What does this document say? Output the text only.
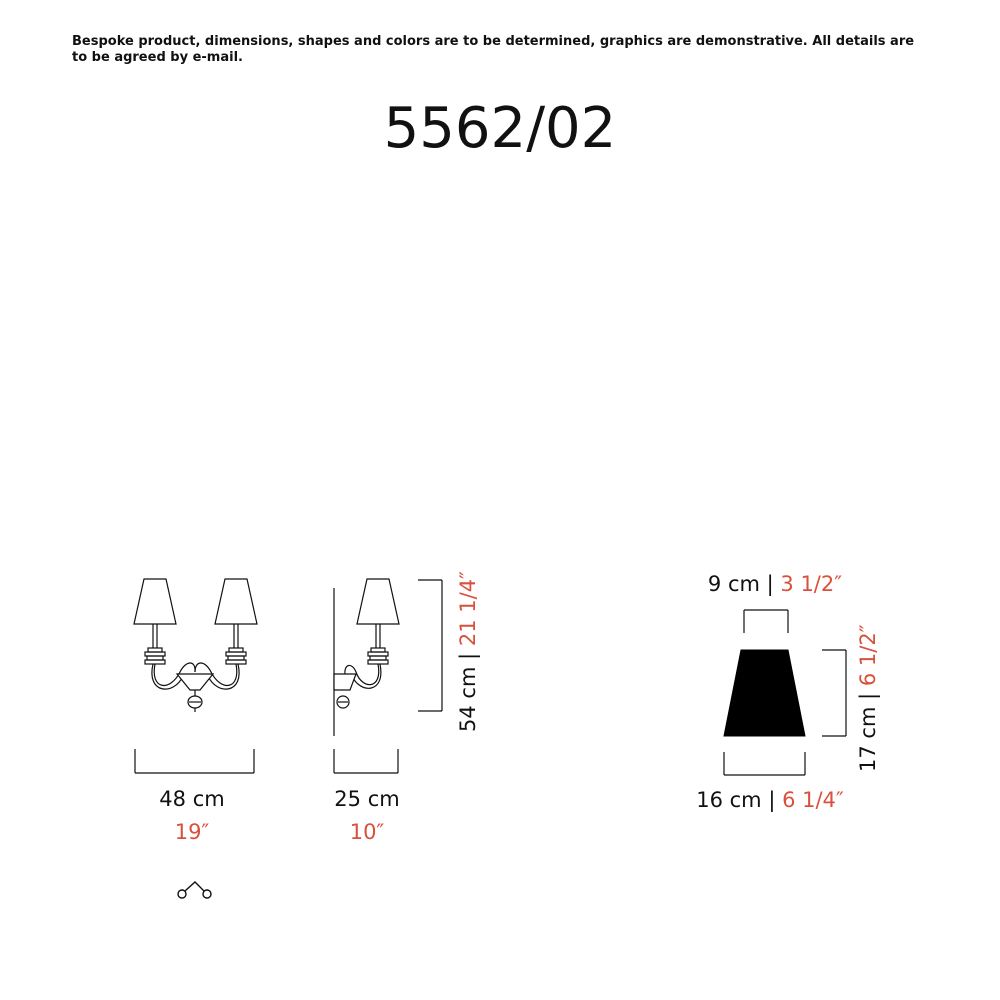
Bespoke product, dimensions, shapes and colors are to be determined, graphics are demonstrative. All details are to be agreed by e-mail.
5562/02
48 cm
19″
25 cm
10″
54 cm | 21 1/4″	9 cm | 3 1/2″
17 cm | 6 1/2″
16 cm | 6 1/4″
